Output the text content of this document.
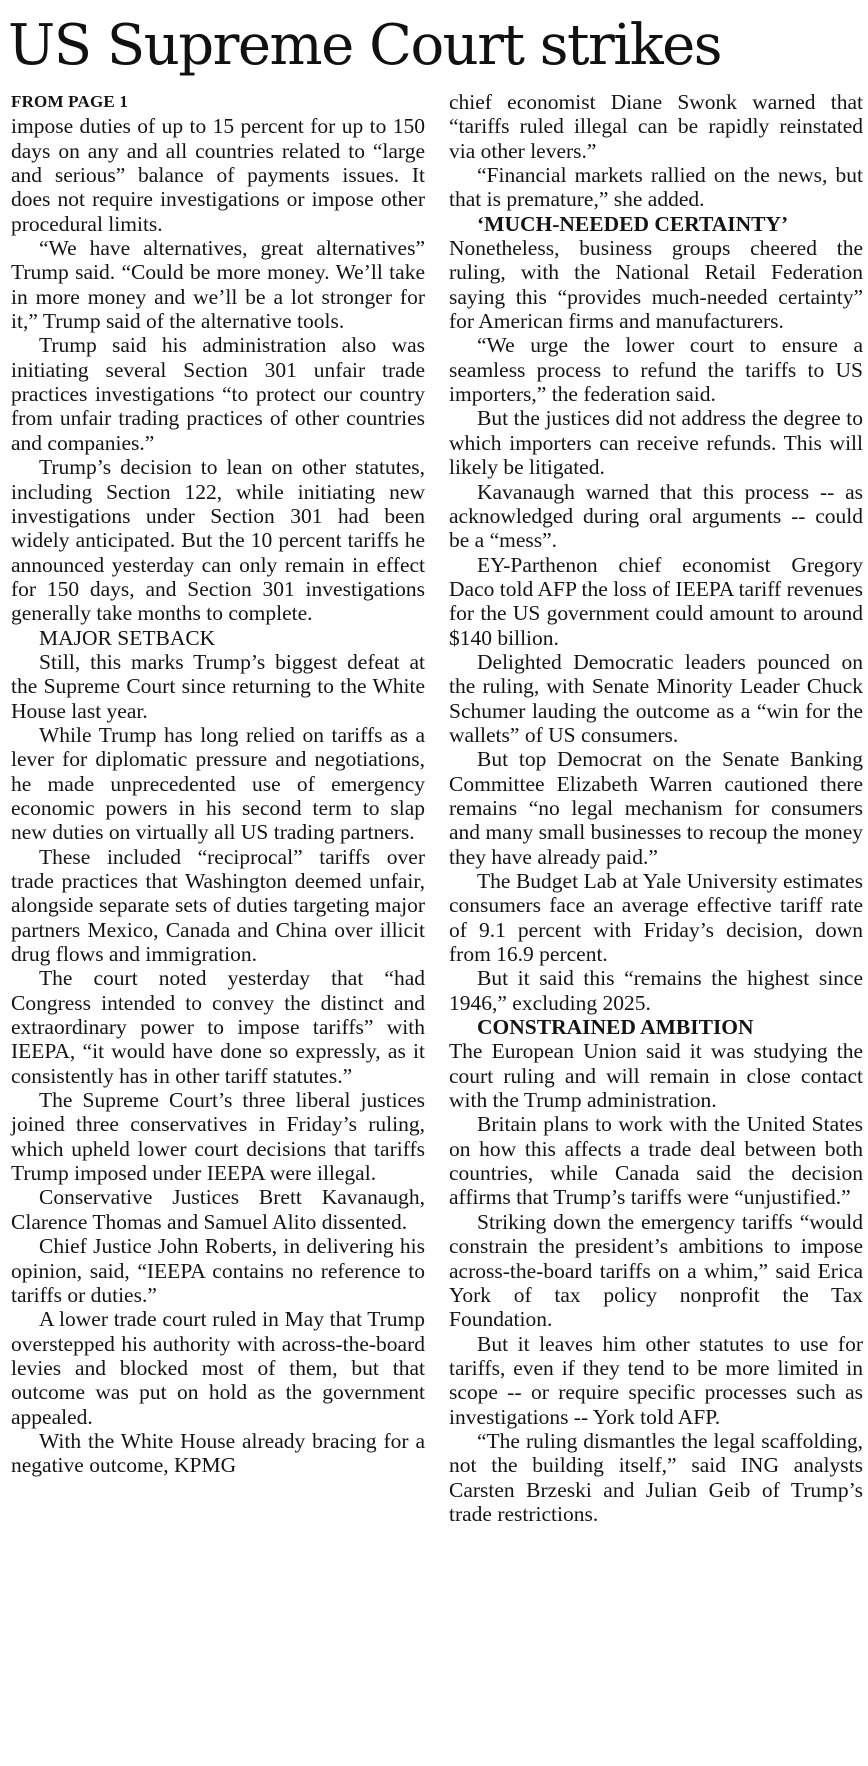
US Supreme Court strikes
FROM PAGE 1

impose duties of up to 15 percent for up to 150 days on any and all countries related to “large and serious” balance of payments issues. It does not require investigations or impose other procedural limits.

“We have alternatives, great alternatives” Trump said. “Could be more money. We’ll take in more money and we’ll be a lot stronger for it,” Trump said of the alternative tools.

Trump said his administration also was initiating several Section 301 unfair trade practices investigations “to protect our country from unfair trading practices of other countries and companies.”

Trump’s decision to lean on other statutes, including Section 122, while initiating new investigations under Section 301 had been widely anticipated. But the 10 percent tariffs he announced yesterday can only remain in effect for 150 days, and Section 301 investigations generally take months to complete.

MAJOR SETBACK

Still, this marks Trump’s biggest defeat at the Supreme Court since returning to the White House last year.

While Trump has long relied on tariffs as a lever for diplomatic pressure and negotiations, he made unprecedented use of emergency economic powers in his second term to slap new duties on virtually all US trading partners.

These included “reciprocal” tariffs over trade practices that Washington deemed unfair, alongside separate sets of duties targeting major partners Mexico, Canada and China over illicit drug flows and immigration.

The court noted yesterday that “had Congress intended to convey the distinct and extraordinary power to impose tariffs” with IEEPA, “it would have done so expressly, as it consistently has in other tariff statutes.”

The Supreme Court’s three liberal justices joined three conservatives in Friday’s ruling, which upheld lower court decisions that tariffs Trump imposed under IEEPA were illegal.

Conservative Justices Brett Kavanaugh, Clarence Thomas and Samuel Alito dissented.

Chief Justice John Roberts, in delivering his opinion, said, “IEEPA contains no reference to tariffs or duties.”

A lower trade court ruled in May that Trump overstepped his authority with across-the-board levies and blocked most of them, but that outcome was put on hold as the government appealed.

With the White House already bracing for a negative outcome, KPMG

chief economist Diane Swonk warned that “tariffs ruled illegal can be rapidly reinstated via other levers.”

“Financial markets rallied on the news, but that is premature,” she added.

‘MUCH-NEEDED CERTAINTY’

Nonetheless, business groups cheered the ruling, with the National Retail Federation saying this “provides much-needed certainty” for American firms and manufacturers.

“We urge the lower court to ensure a seamless process to refund the tariffs to US importers,” the federation said.

But the justices did not address the degree to which importers can receive refunds. This will likely be litigated.

Kavanaugh warned that this process -- as acknowledged during oral arguments -- could be a “mess”.

EY-Parthenon chief economist Gregory Daco told AFP the loss of IEEPA tariff revenues for the US government could amount to around $140 billion.

Delighted Democratic leaders pounced on the ruling, with Senate Minority Leader Chuck Schumer lauding the outcome as a “win for the wallets” of US consumers.

But top Democrat on the Senate Banking Committee Elizabeth Warren cautioned there remains “no legal mechanism for consumers and many small businesses to recoup the money they have already paid.”

The Budget Lab at Yale University estimates consumers face an average effective tariff rate of 9.1 percent with Friday’s decision, down from 16.9 percent.

But it said this “remains the highest since 1946,” excluding 2025.

CONSTRAINED AMBITION

The European Union said it was studying the court ruling and will remain in close contact with the Trump administration.

Britain plans to work with the United States on how this affects a trade deal between both countries, while Canada said the decision affirms that Trump’s tariffs were “unjustified.”

Striking down the emergency tariffs “would constrain the president’s ambitions to impose across-the-board tariffs on a whim,” said Erica York of tax policy nonprofit the Tax Foundation.

But it leaves him other statutes to use for tariffs, even if they tend to be more limited in scope -- or require specific processes such as investigations -- York told AFP.

“The ruling dismantles the legal scaffolding, not the building itself,” said ING analysts Carsten Brzeski and Julian Geib of Trump’s trade restrictions.
